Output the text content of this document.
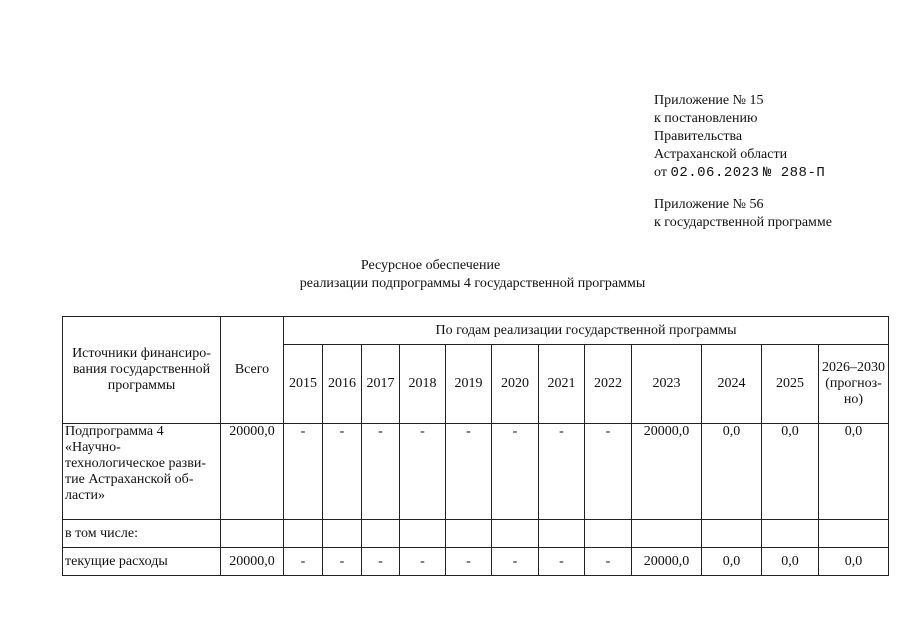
Приложение № 15
к постановлению
Правительства
Астраханской области
от 02.06.2023 № 288-П
Приложение № 56
к государственной программе
Ресурсное обеспечение
реализации подпрограммы 4 государственной программы
Источники финансиро-вания государственной программы	Всего	По годам реализации государственной программы											
		2015	2016	2017	2018	2019	2020	2021	2022	2023	2024	2025	2026–2030 (прогноз-но)
Подпрограмма 4 «Научно-технологическое разви-тие Астраханской об-ласти»	20000,0	-	-	-	-	-	-	-	-	20000,0	0,0	0,0	0,0
в том числе:													
текущие расходы	20000,0	-	-	-	-	-	-	-	-	20000,0	0,0	0,0	0,0
